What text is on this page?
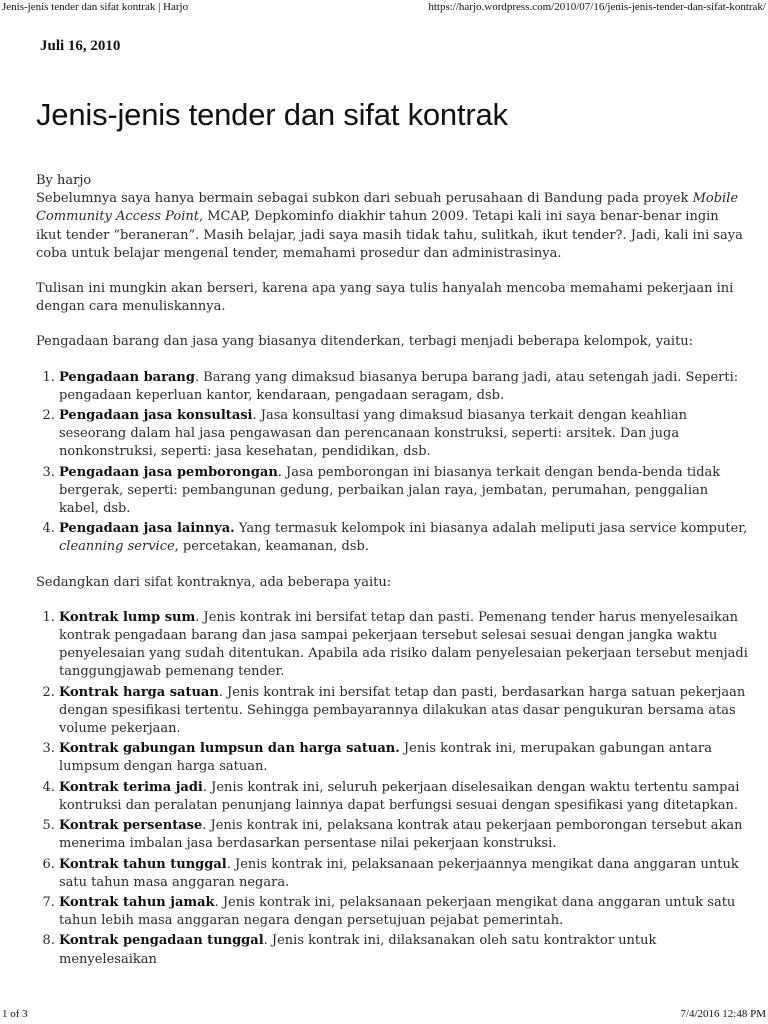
Jenis-jenis tender dan sifat kontrak | Harjo	https://harjo.wordpress.com/2010/07/16/jenis-jenis-tender-dan-sifat-kontrak/
Juli 16, 2010
Jenis-jenis tender dan sifat kontrak

By harjo

Sebelumnya saya hanya bermain sebagai subkon dari sebuah perusahaan di Bandung pada proyek Mobile Community Access Point, MCAP, Depkominfo diakhir tahun 2009. Tetapi kali ini saya benar-benar ingin ikut tender “beraneran”. Masih belajar, jadi saya masih tidak tahu, sulitkah, ikut tender?. Jadi, kali ini saya coba untuk belajar mengenal tender, memahami prosedur dan administrasinya.

Tulisan ini mungkin akan berseri, karena apa yang saya tulis hanyalah mencoba memahami pekerjaan ini dengan cara menuliskannya.

Pengadaan barang dan jasa yang biasanya ditenderkan, terbagi menjadi beberapa kelompok, yaitu:

1. Pengadaan barang. Barang yang dimaksud biasanya berupa barang jadi, atau setengah jadi. Seperti: pengadaan keperluan kantor, kendaraan, pengadaan seragam, dsb.
2. Pengadaan jasa konsultasi. Jasa konsultasi yang dimaksud biasanya terkait dengan keahlian seseorang dalam hal jasa pengawasan dan perencanaan konstruksi, seperti: arsitek. Dan juga nonkonstruksi, seperti: jasa kesehatan, pendidikan, dsb.
3. Pengadaan jasa pemborongan. Jasa pemborongan ini biasanya terkait dengan benda-benda tidak bergerak, seperti: pembangunan gedung, perbaikan jalan raya, jembatan, perumahan, penggalian kabel, dsb.
4. Pengadaan jasa lainnya. Yang termasuk kelompok ini biasanya adalah meliputi jasa service komputer, cleanning service, percetakan, keamanan, dsb.

Sedangkan dari sifat kontraknya, ada beberapa yaitu:

1. Kontrak lump sum. Jenis kontrak ini bersifat tetap dan pasti. Pemenang tender harus menyelesaikan kontrak pengadaan barang dan jasa sampai pekerjaan tersebut selesai sesuai dengan jangka waktu penyelesaian yang sudah ditentukan. Apabila ada risiko dalam penyelesaian pekerjaan tersebut menjadi tanggungjawab pemenang tender.
2. Kontrak harga satuan. Jenis kontrak ini bersifat tetap dan pasti, berdasarkan harga satuan pekerjaan dengan spesifikasi tertentu. Sehingga pembayarannya dilakukan atas dasar pengukuran bersama atas volume pekerjaan.
3. Kontrak gabungan lumpsun dan harga satuan. Jenis kontrak ini, merupakan gabungan antara lumpsum dengan harga satuan.
4. Kontrak terima jadi. Jenis kontrak ini, seluruh pekerjaan diselesaikan dengan waktu tertentu sampai kontruksi dan peralatan penunjang lainnya dapat berfungsi sesuai dengan spesifikasi yang ditetapkan.
5. Kontrak persentase. Jenis kontrak ini, pelaksana kontrak atau pekerjaan pemborongan tersebut akan menerima imbalan jasa berdasarkan persentase nilai pekerjaan konstruksi.
6. Kontrak tahun tunggal. Jenis kontrak ini, pelaksanaan pekerjaannya mengikat dana anggaran untuk satu tahun masa anggaran negara.
7. Kontrak tahun jamak. Jenis kontrak ini, pelaksanaan pekerjaan mengikat dana anggaran untuk satu tahun lebih masa anggaran negara dengan persetujuan pejabat pemerintah.
8. Kontrak pengadaan tunggal. Jenis kontrak ini, dilaksanakan oleh satu kontraktor untuk menyelesaikan
1 of 3	7/4/2016 12:48 PM
